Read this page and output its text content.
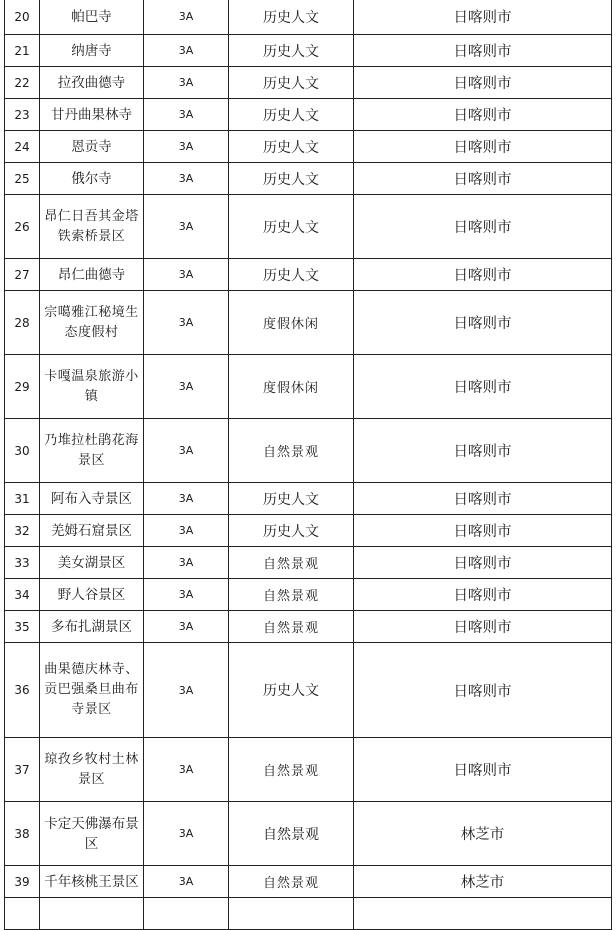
20	帕巴寺	3A	历史人文	日喀则市
21	纳唐寺	3A	历史人文	日喀则市
22	拉孜曲德寺	3A	历史人文	日喀则市
23	甘丹曲果林寺	3A	历史人文	日喀则市
24	恩贡寺	3A	历史人文	日喀则市
25	俄尔寺	3A	历史人文	日喀则市
26	昂仁日吾其金塔铁索桥景区	3A	历史人文	日喀则市
27	昂仁曲德寺	3A	历史人文	日喀则市
28	宗噶雅江秘境生态度假村	3A	度假休闲	日喀则市
29	卡嘎温泉旅游小镇	3A	度假休闲	日喀则市
30	乃堆拉杜鹃花海景区	3A	自然景观	日喀则市
31	阿布入寺景区	3A	历史人文	日喀则市
32	羌姆石窟景区	3A	历史人文	日喀则市
33	美女湖景区	3A	自然景观	日喀则市
34	野人谷景区	3A	自然景观	日喀则市
35	多布扎湖景区	3A	自然景观	日喀则市
36	曲果德庆林寺、贡巴强桑旦曲布寺景区	3A	历史人文	日喀则市
37	琼孜乡牧村土林景区	3A	自然景观	日喀则市
38	卡定天佛瀑布景区	3A	自然景观	林芝市
39	千年核桃王景区	3A	自然景观	林芝市
